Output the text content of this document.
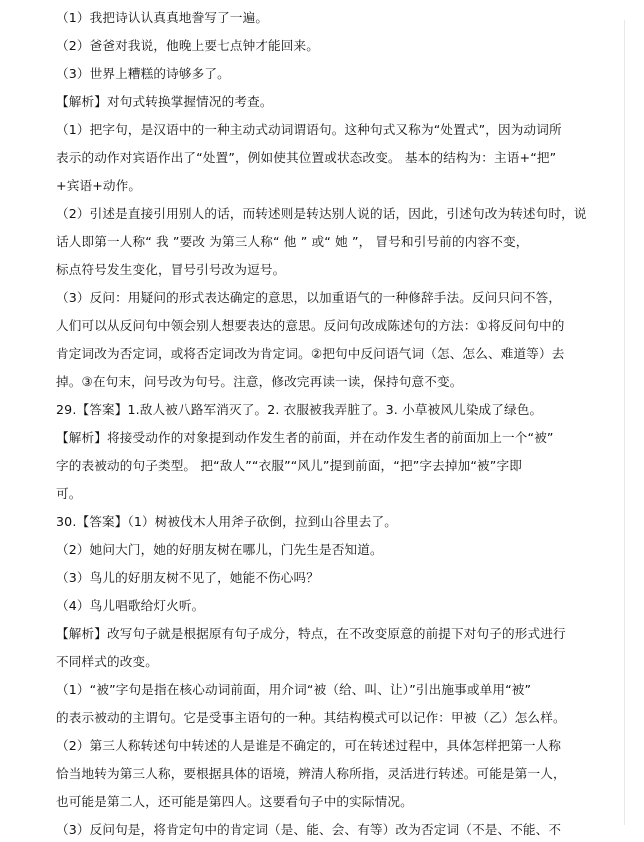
（1）我把诗认认真真地誊写了一遍。
（2）爸爸对我说，他晚上要七点钟才能回来。
（3）世界上糟糕的诗够多了。
【解析】对句式转换掌握情况的考查。
（1）把字句，是汉语中的一种主动式动词谓语句。这种句式又称为“处置式”，因为动词所
表示的动作对宾语作出了“处置”，例如使其位置或状态改变。 基本的结构为：主语+“把”
+宾语+动作。
（2）引述是直接引用别人的话，而转述则是转达别人说的话，因此，引述句改为转述句时，说
话人即第一人称“ 我 ”要改 为第三人称“ 他 ” 或“ 她 ”， 冒号和引号前的内容不变，
标点符号发生变化，冒号引号改为逗号。
（3）反问：用疑问的形式表达确定的意思，以加重语气的一种修辞手法。反问只问不答，
人们可以从反问句中领会别人想要表达的意思。反问句改成陈述句的方法：①将反问句中的
肯定词改为否定词，或将否定词改为肯定词。②把句中反问语气词（怎、怎么、难道等）去
掉。③在句末，问号改为句号。注意，修改完再读一读，保持句意不变。
29.【答案】1.敌人被八路军消灭了。2. 衣服被我弄脏了。3. 小草被风儿染成了绿色。
【解析】将接受动作的对象提到动作发生者的前面，并在动作发生者的前面加上一个“被”
字的表被动的句子类型。 把“敌人”“衣服”“风儿”提到前面，“把”字去掉加“被”字即
可。
30.【答案】（1）树被伐木人用斧子砍倒，拉到山谷里去了。
（2）她问大门，她的好朋友树在哪儿，门先生是否知道。
（3）鸟儿的好朋友树不见了，她能不伤心吗？
（4）鸟儿唱歌给灯火听。
【解析】改写句子就是根据原有句子成分，特点，在不改变原意的前提下对句子的形式进行
不同样式的改变。
（1）“被”字句是指在核心动词前面，用介词“被（给、叫、让）”引出施事或单用“被”
的表示被动的主谓句。它是受事主语句的一种。其结构模式可以记作：甲被（乙）怎么样。
（2）第三人称转述句中转述的人是谁是不确定的，可在转述过程中，具体怎样把第一人称
恰当地转为第三人称，要根据具体的语境，辨清人称所指，灵活进行转述。可能是第一人，
也可能是第二人，还可能是第四人。这要看句子中的实际情况。
（3）反问句是，将肯定句中的肯定词（是、能、会、有等）改为否定词（不是、不能、不
